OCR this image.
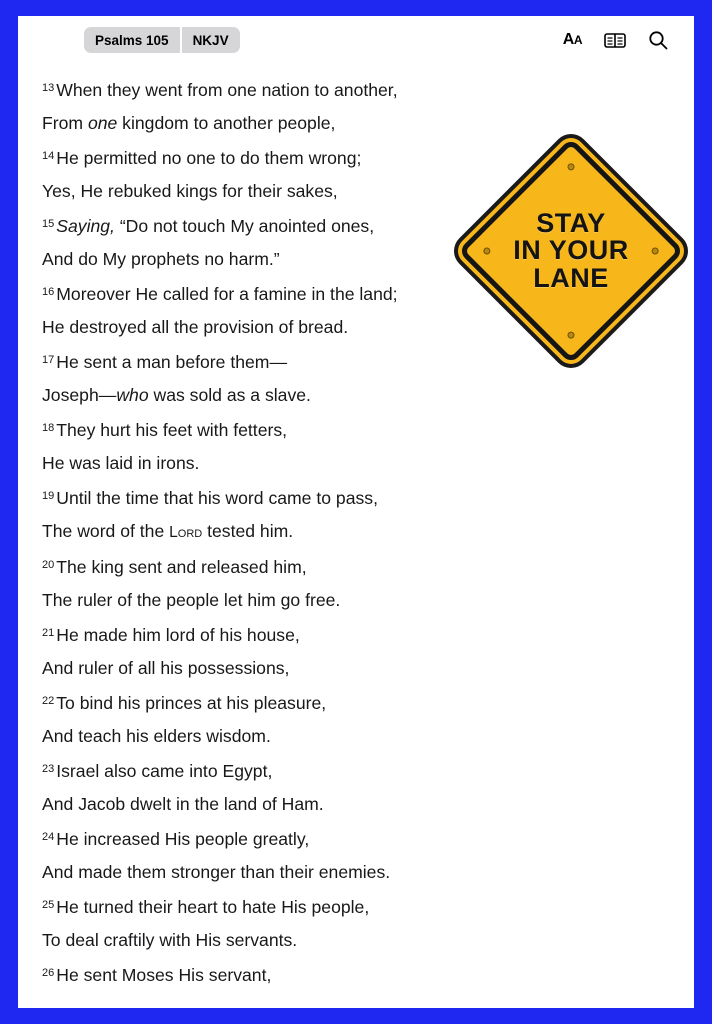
Psalms 105	NKJV	AA
STAY
IN YOUR
LANE
$^{13}$ When they went from one nation to another,
From one kingdom to another people,
$^{14}$ He permitted no one to do them wrong;
Yes, He rebuked kings for their sakes,
$^{15}$ Saying, “Do not touch My anointed ones,
And do My prophets no harm.”
$^{16}$ Moreover He called for a famine in the land;
He destroyed all the provision of bread.
$^{17}$ He sent a man before them—
Joseph—who was sold as a slave.
$^{18}$ They hurt his feet with fetters,
He was laid in irons.
$^{19}$ Until the time that his word came to pass,
The word of the Lord tested him.
$^{20}$ The king sent and released him,
The ruler of the people let him go free.
$^{21}$ He made him lord of his house,
And ruler of all his possessions,
$^{22}$ To bind his princes at his pleasure,
And teach his elders wisdom.
$^{23}$ Israel also came into Egypt,
And Jacob dwelt in the land of Ham.
$^{24}$ He increased His people greatly,
And made them stronger than their enemies.
$^{25}$ He turned their heart to hate His people,
To deal craftily with His servants.
$^{26}$ He sent Moses His servant,
